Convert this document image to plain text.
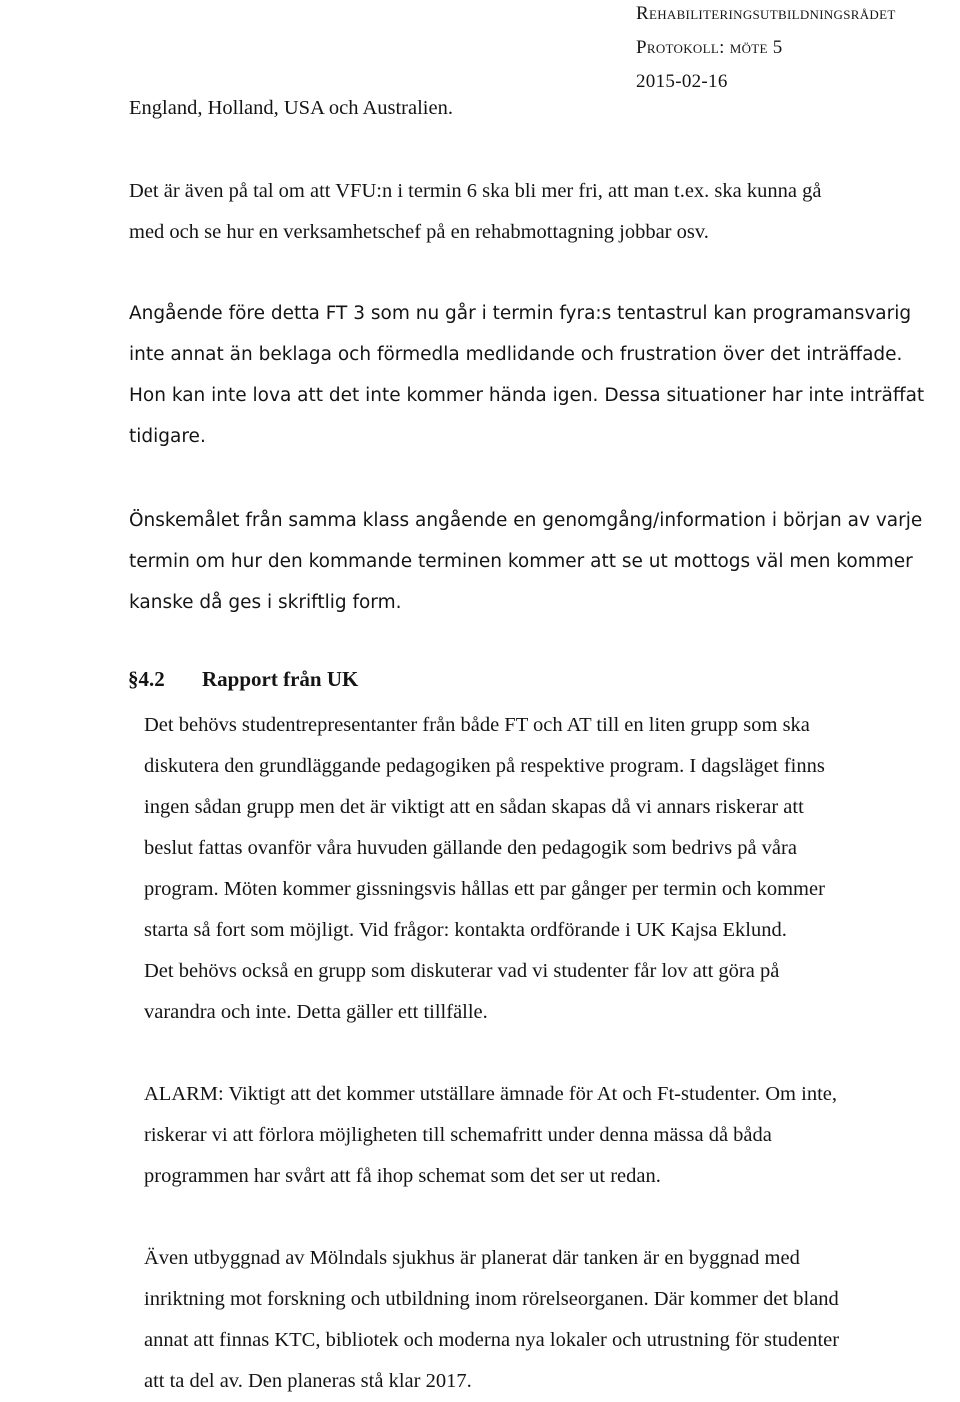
Rehabiliteringsutbildningsrådet
Protokoll: möte 5
2015-02-16
England, Holland, USA och Australien.
Det är även på tal om att VFU:n i termin 6 ska bli mer fri, att man t.ex. ska kunna gå
med och se hur en verksamhetschef på en rehabmottagning jobbar osv.
Angående före detta FT 3 som nu går i termin fyra:s tentastrul kan programansvarig
inte annat än beklaga och förmedla medlidande och frustration över det inträffade.
Hon kan inte lova att det inte kommer hända igen. Dessa situationer har inte inträffat
tidigare.
Önskemålet från samma klass angående en genomgång/information i början av varje
termin om hur den kommande terminen kommer att se ut mottogs väl men kommer
kanske då ges i skriftlig form.
§4.2 Rapport från UK
Det behövs studentrepresentanter från både FT och AT till en liten grupp som ska
diskutera den grundläggande pedagogiken på respektive program. I dagsläget finns
ingen sådan grupp men det är viktigt att en sådan skapas då vi annars riskerar att
beslut fattas ovanför våra huvuden gällande den pedagogik som bedrivs på våra
program. Möten kommer gissningsvis hållas ett par gånger per termin och kommer
starta så fort som möjligt. Vid frågor: kontakta ordförande i UK Kajsa Eklund.
Det behövs också en grupp som diskuterar vad vi studenter får lov att göra på
varandra och inte. Detta gäller ett tillfälle.
ALARM: Viktigt att det kommer utställare ämnade för At och Ft-studenter. Om inte,
riskerar vi att förlora möjligheten till schemafritt under denna mässa då båda
programmen har svårt att få ihop schemat som det ser ut redan.
Även utbyggnad av Mölndals sjukhus är planerat där tanken är en byggnad med
inriktning mot forskning och utbildning inom rörelseorganen. Där kommer det bland
annat att finnas KTC, bibliotek och moderna nya lokaler och utrustning för studenter
att ta del av. Den planeras stå klar 2017.
